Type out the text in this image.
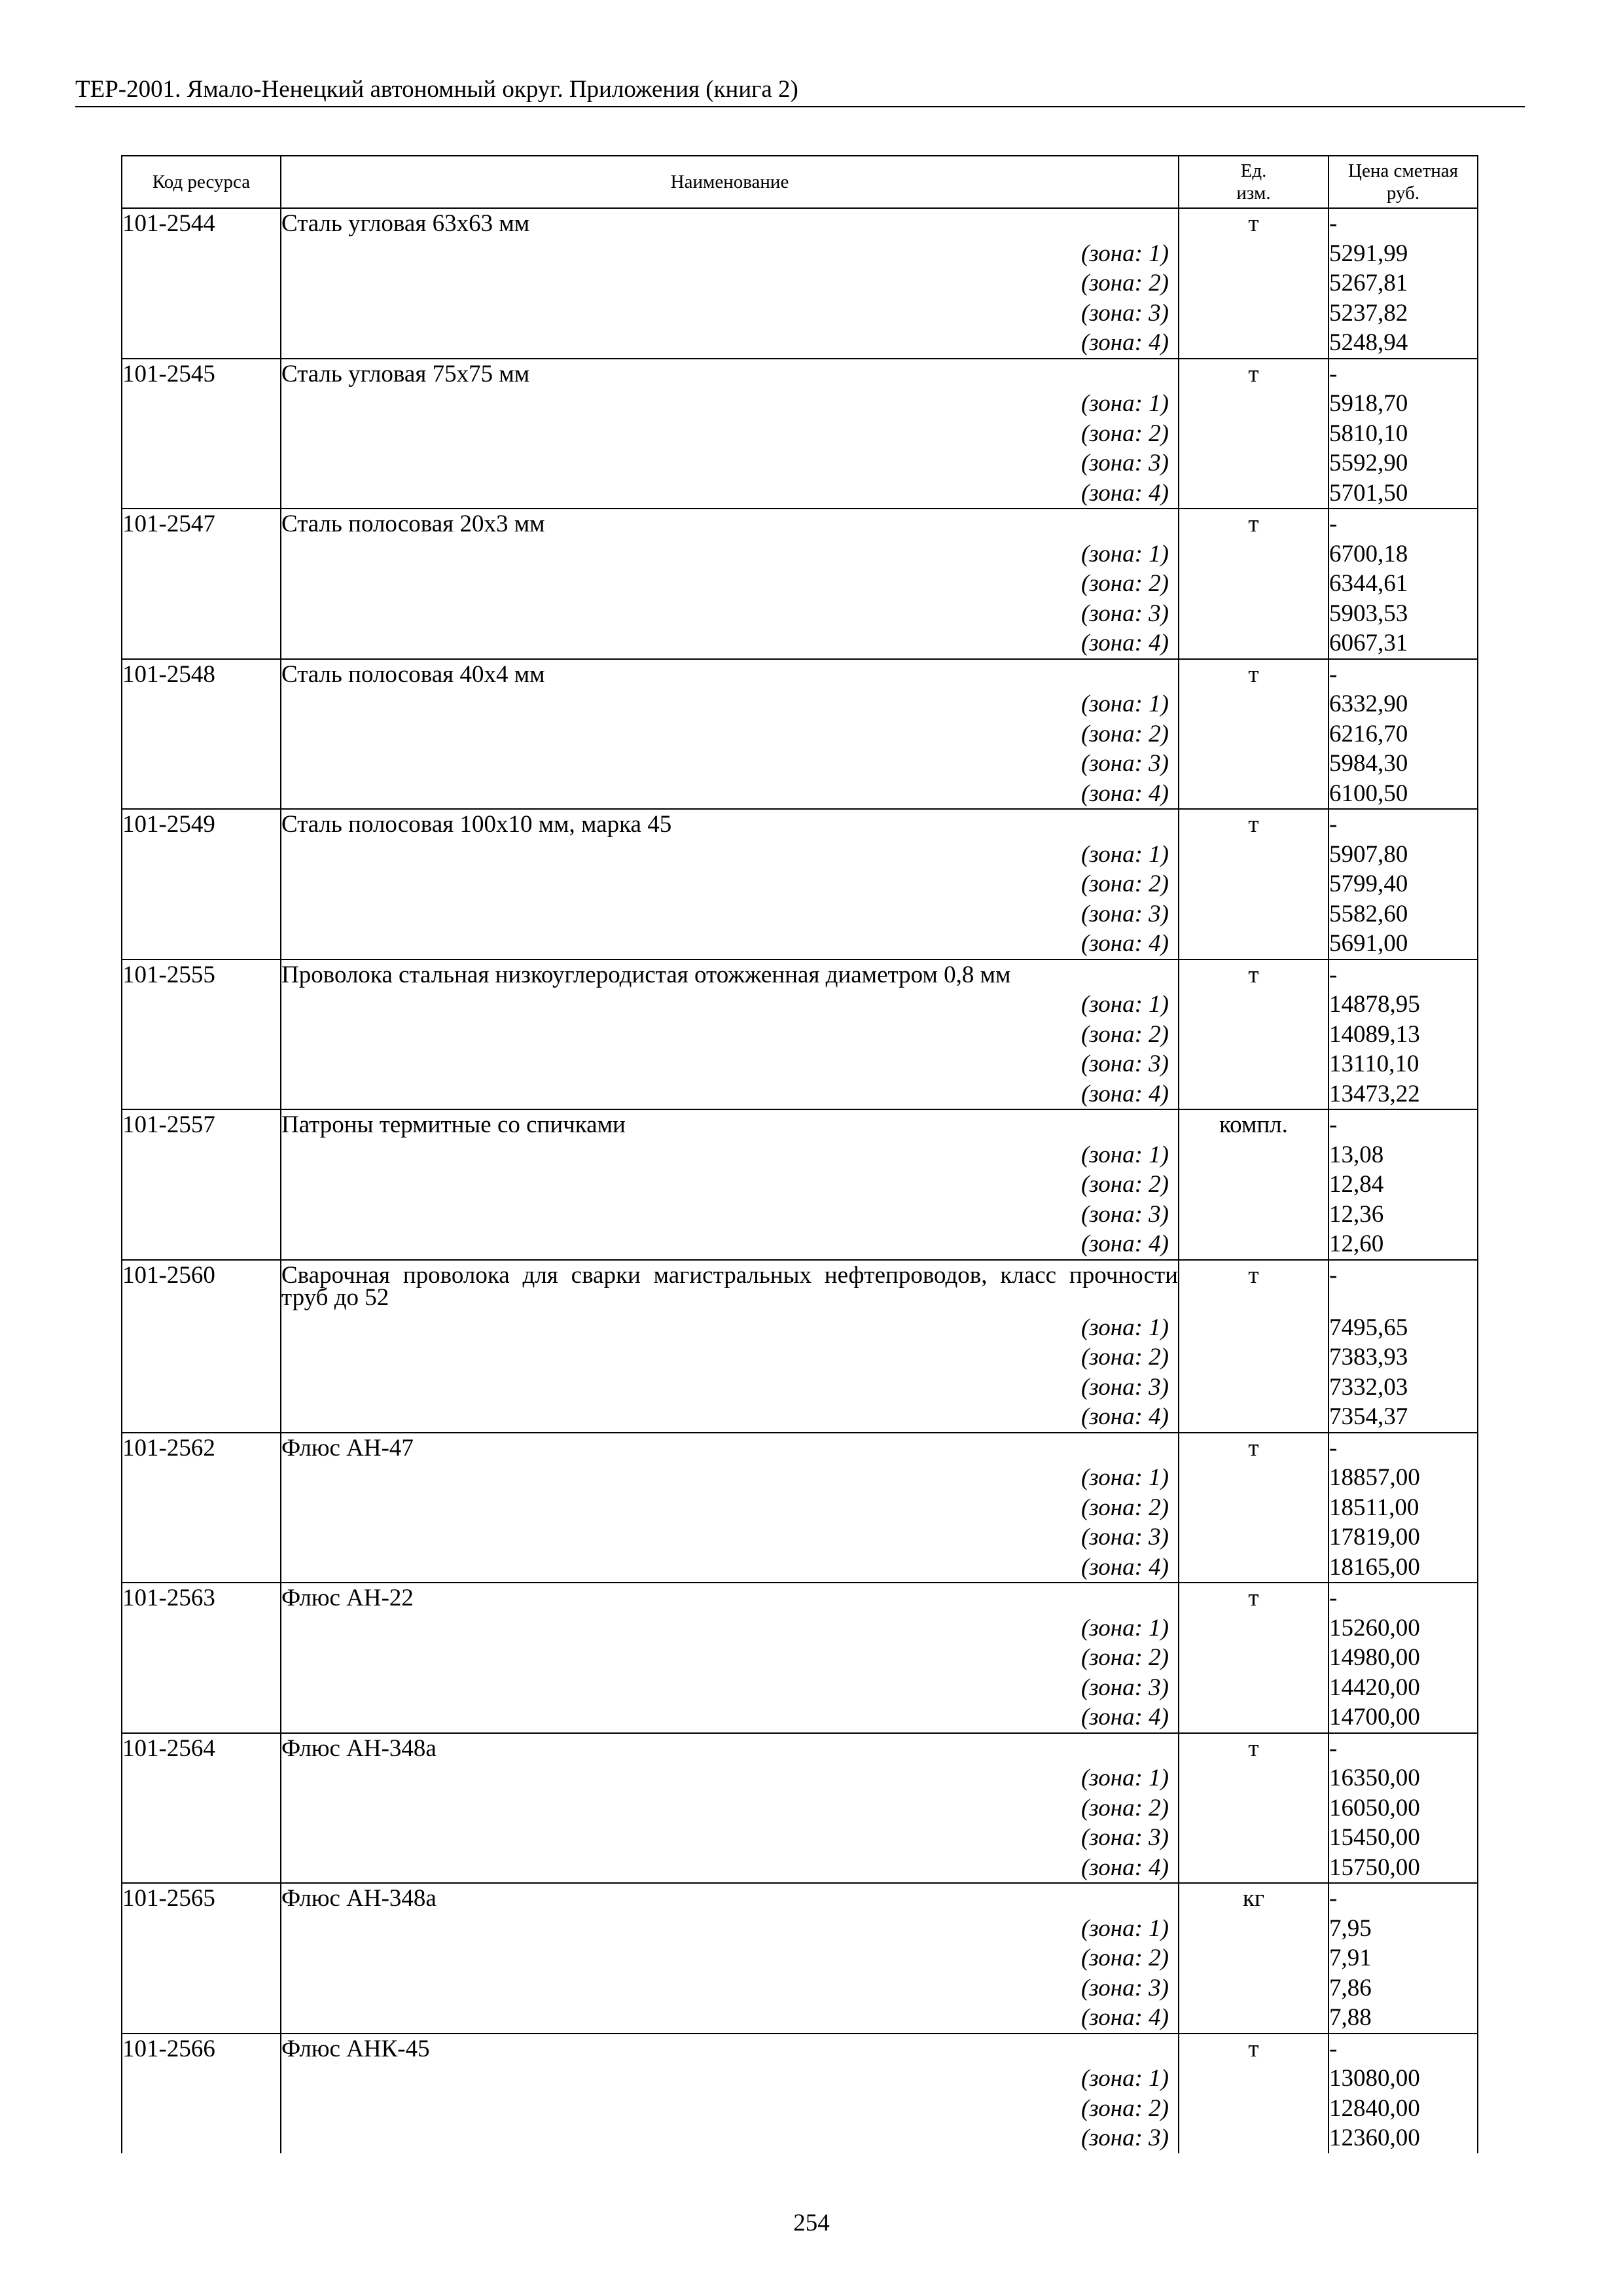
ТЕР-2001. Ямало-Ненецкий автономный округ. Приложения (книга 2)
Код ресурса	Наименование	Ед. изм.	Цена сметная руб.

101-2544	Сталь угловая 63х63 мм	т	-
	(зона: 1)		5291,99
	(зона: 2)		5267,81
	(зона: 3)		5237,82
	(зона: 4)		5248,94
101-2545	Сталь угловая 75х75 мм	т	-
	(зона: 1)		5918,70
	(зона: 2)		5810,10
	(зона: 3)		5592,90
	(зона: 4)		5701,50
101-2547	Сталь полосовая 20х3 мм	т	-
	(зона: 1)		6700,18
	(зона: 2)		6344,61
	(зона: 3)		5903,53
	(зона: 4)		6067,31
101-2548	Сталь полосовая 40х4 мм	т	-
	(зона: 1)		6332,90
	(зона: 2)		6216,70
	(зона: 3)		5984,30
	(зона: 4)		6100,50
101-2549	Сталь полосовая 100х10 мм, марка 45	т	-
	(зона: 1)		5907,80
	(зона: 2)		5799,40
	(зона: 3)		5582,60
	(зона: 4)		5691,00
101-2555	Проволока стальная низкоуглеродистая отожженная диаметром 0,8 мм	т	-
	(зона: 1)		14878,95
	(зона: 2)		14089,13
	(зона: 3)		13110,10
	(зона: 4)		13473,22
101-2557	Патроны термитные со спичками	компл.	-
	(зона: 1)		13,08
	(зона: 2)		12,84
	(зона: 3)		12,36
	(зона: 4)		12,60
101-2560	Сварочная проволока для сварки магистральных нефтепроводов, класс прочности труб до 52	т	-
	(зона: 1)		7495,65
	(зона: 2)		7383,93
	(зона: 3)		7332,03
	(зона: 4)		7354,37
101-2562	Флюс АН-47	т	-
	(зона: 1)		18857,00
	(зона: 2)		18511,00
	(зона: 3)		17819,00
	(зона: 4)		18165,00
101-2563	Флюс АН-22	т	-
	(зона: 1)		15260,00
	(зона: 2)		14980,00
	(зона: 3)		14420,00
	(зона: 4)		14700,00
101-2564	Флюс АН-348а	т	-
	(зона: 1)		16350,00
	(зона: 2)		16050,00
	(зона: 3)		15450,00
	(зона: 4)		15750,00
101-2565	Флюс АН-348а	кг	-
	(зона: 1)		7,95
	(зона: 2)		7,91
	(зона: 3)		7,86
	(зона: 4)		7,88
101-2566	Флюс АНК-45	т	-
	(зона: 1)		13080,00
	(зона: 2)		12840,00
	(зона: 3)		12360,00
254
